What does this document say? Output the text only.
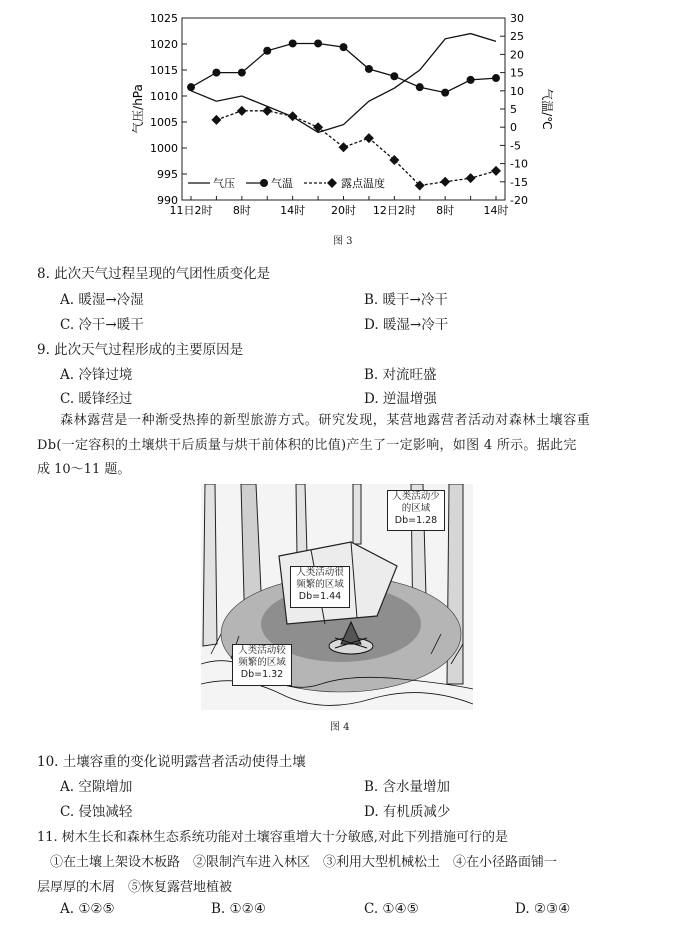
990
995
1000
1005
1010
1015
1020
1025
-20
-15
-10
-5
0
5
10
15
20
25
30
11日2时 8时	14时 20时 12日2时 8时	14时
气压/hPa	气温/℃
气压	气温	露点温度
图 3
8. 此次天气过程呈现的气团性质变化是
A. 暖湿→冷湿	B. 暖干→冷干
C. 冷干→暖干	D. 暖湿→冷干
9. 此次天气过程形成的主要原因是
A. 冷锋过境	B. 对流旺盛
C. 暖锋经过	D. 逆温增强
森林露营是一种渐受热捧的新型旅游方式。研究发现，某营地露营者活动对森林土壤容重
Db(一定容积的土壤烘干后质量与烘干前体积的比值)产生了一定影响，如图 4 所示。据此完
成 10～11 题。
人类活动少
的区域
Db=1.28
人类活动很
频繁的区域
Db=1.44
人类活动较
频繁的区域
Db=1.32
图 4
10. 土壤容重的变化说明露营者活动使得土壤
A. 空隙增加	B. 含水量增加
C. 侵蚀减轻	D. 有机质减少
11. 树木生长和森林生态系统功能对土壤容重增大十分敏感,对此下列措施可行的是
①在土壤上架设木板路　②限制汽车进入林区　③利用大型机械松土　④在小径路面铺一
层厚厚的木屑　⑤恢复露营地植被
A. ①②⑤	B. ①②④	C. ①④⑤	D. ②③④
